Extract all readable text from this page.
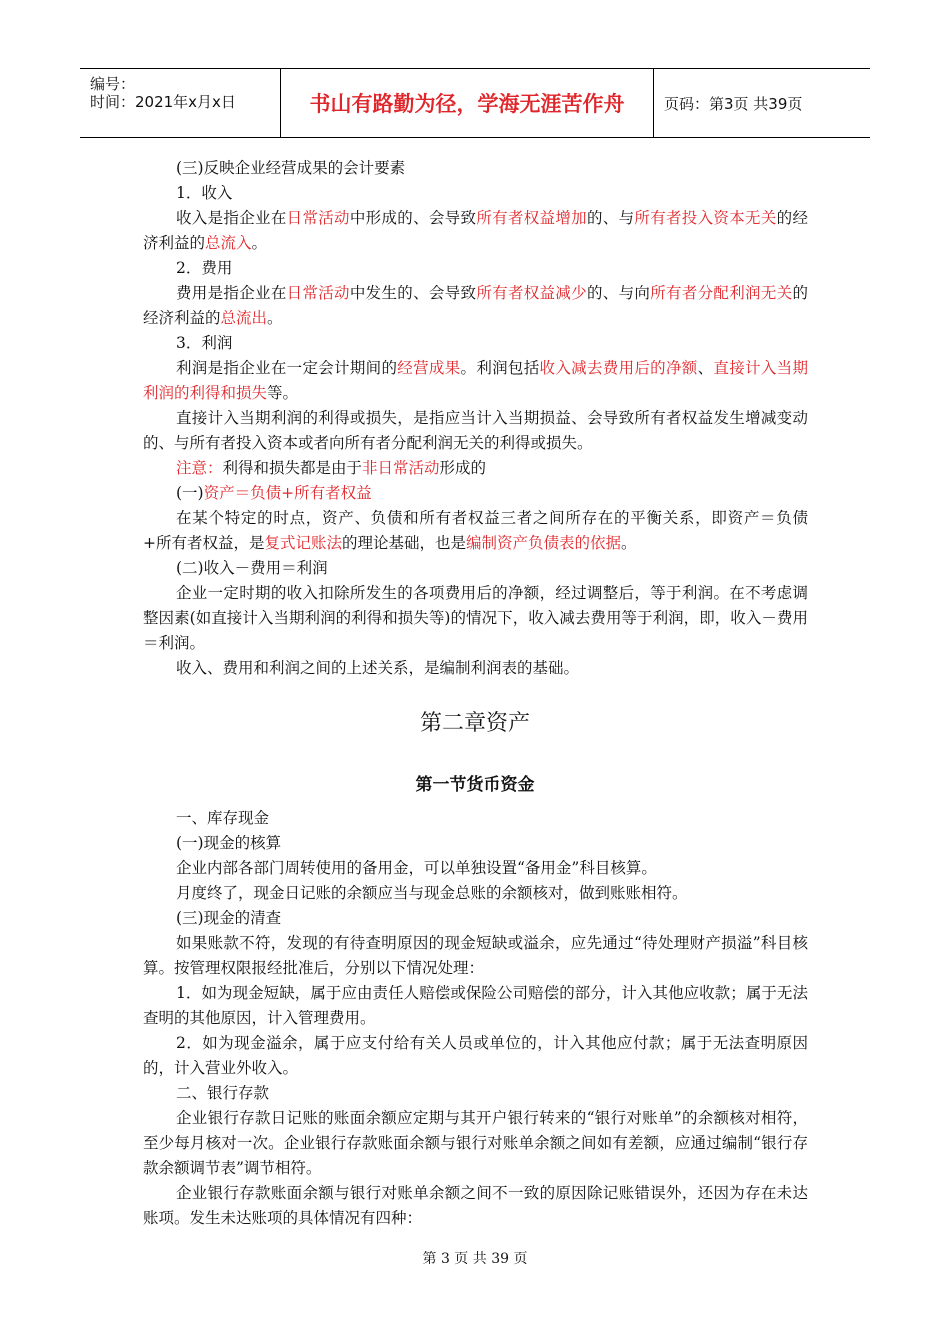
编号：
时间：2021年x月x日	书山有路勤为径，学海无涯苦作舟	页码：第3页 共39页

(三)反映企业经营成果的会计要素

1．收入

收入是指企业在日常活动中形成的、会导致所有者权益增加的、与所有者投入资本无关的经济利益的总流入。

2．费用

费用是指企业在日常活动中发生的、会导致所有者权益减少的、与向所有者分配利润无关的经济利益的总流出。

3．利润

利润是指企业在一定会计期间的经营成果。利润包括收入减去费用后的净额、直接计入当期利润的利得和损失等。

直接计入当期利润的利得或损失，是指应当计入当期损益、会导致所有者权益发生增减变动的、与所有者投入资本或者向所有者分配利润无关的利得或损失。

注意：利得和损失都是由于非日常活动形成的

(一)资产＝负债+所有者权益

在某个特定的时点，资产、负债和所有者权益三者之间所存在的平衡关系，即资产＝负债+所有者权益，是复式记账法的理论基础，也是编制资产负债表的依据。

(二)收入－费用＝利润

企业一定时期的收入扣除所发生的各项费用后的净额，经过调整后，等于利润。在不考虑调整因素(如直接计入当期利润的利得和损失等)的情况下，收入减去费用等于利润，即，收入－费用＝利润。

收入、费用和利润之间的上述关系，是编制利润表的基础。

第二章资产
第一节货币资金

一、库存现金

(一)现金的核算

企业内部各部门周转使用的备用金，可以单独设置“备用金”科目核算。

月度终了，现金日记账的余额应当与现金总账的余额核对，做到账账相符。

(三)现金的清查

如果账款不符，发现的有待查明原因的现金短缺或溢余，应先通过“待处理财产损溢”科目核算。按管理权限报经批准后，分别以下情况处理：

1．如为现金短缺，属于应由责任人赔偿或保险公司赔偿的部分，计入其他应收款；属于无法查明的其他原因，计入管理费用。

2．如为现金溢余，属于应支付给有关人员或单位的，计入其他应付款；属于无法查明原因的，计入营业外收入。

二、银行存款

企业银行存款日记账的账面余额应定期与其开户银行转来的“银行对账单”的余额核对相符，至少每月核对一次。企业银行存款账面余额与银行对账单余额之间如有差额，应通过编制“银行存款余额调节表”调节相符。

企业银行存款账面余额与银行对账单余额之间不一致的原因除记账错误外，还因为存在未达账项。发生未达账项的具体情况有四种：

第 3 页 共 39 页
